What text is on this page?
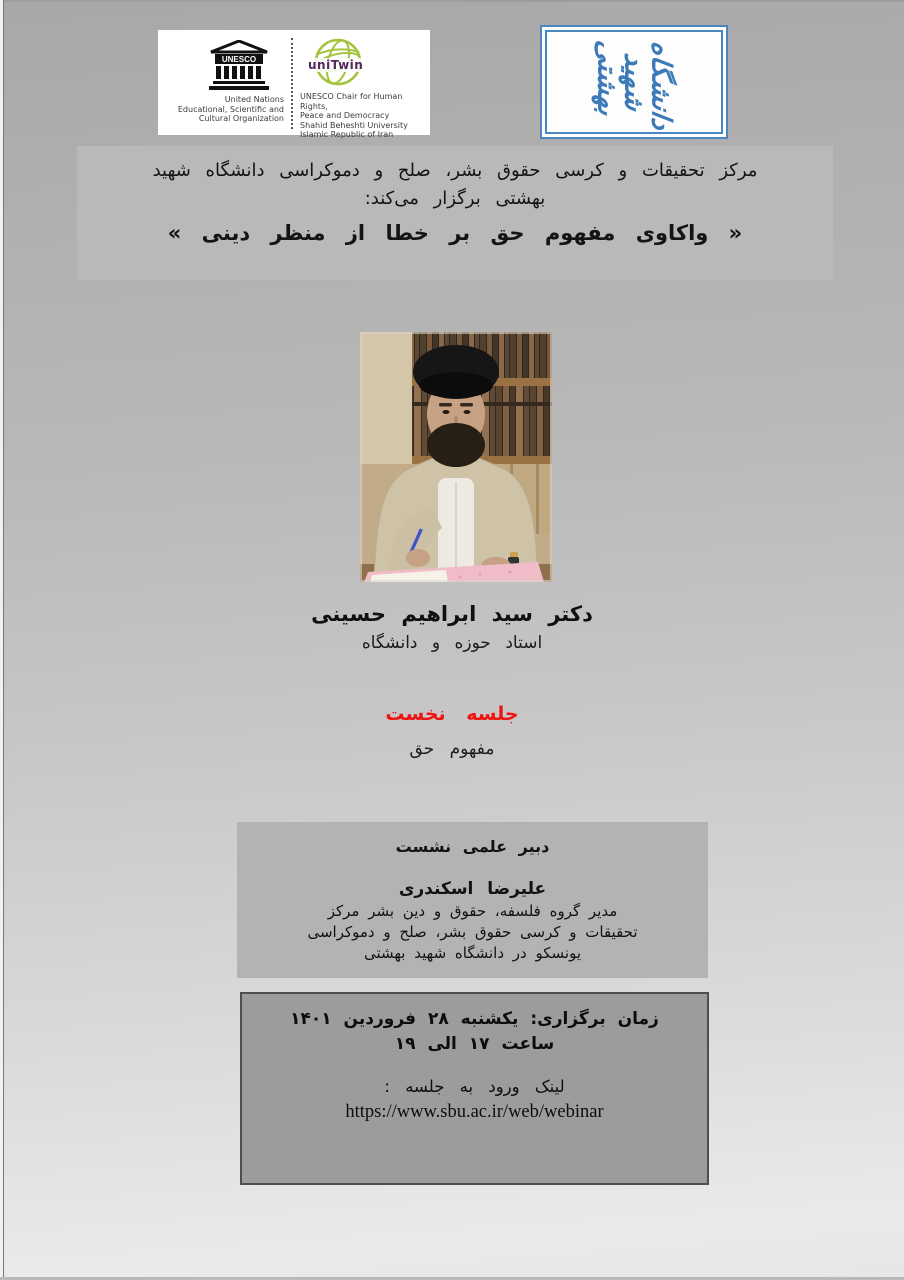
UNESCO
United Nations
Educational, Scientific and
Cultural Organization
uniTwin
UNESCO Chair for Human Rights,
Peace and Democracy
Shahid Beheshti University
Islamic Republic of Iran
دانشگاه
شهید
بهشتی

مرکز تحقیقات و کرسی حقوق بشر، صلح و دموکراسی دانشگاه شهید

بهشتی برگزار می‌کند:

« واکاوی مفهوم حق بر خطا از منظر دینی »

دکتر سید ابراهیم حسینی
استاد حوزه و دانشگاه
جلسه نخست
مفهوم حق
دبیر علمی نشست
علیرضا اسکندری
مدیر گروه فلسفه، حقوق و دین بشر مرکز
تحقیقات و کرسی حقوق بشر، صلح و دموکراسی
یونسکو در دانشگاه شهید بهشتی
زمان برگزاری: یکشنبه ۲۸ فروردین ۱۴۰۱
ساعت ۱۷ الی ۱۹
لینک ورود به جلسه :
https://www.sbu.ac.ir/web/webinar
